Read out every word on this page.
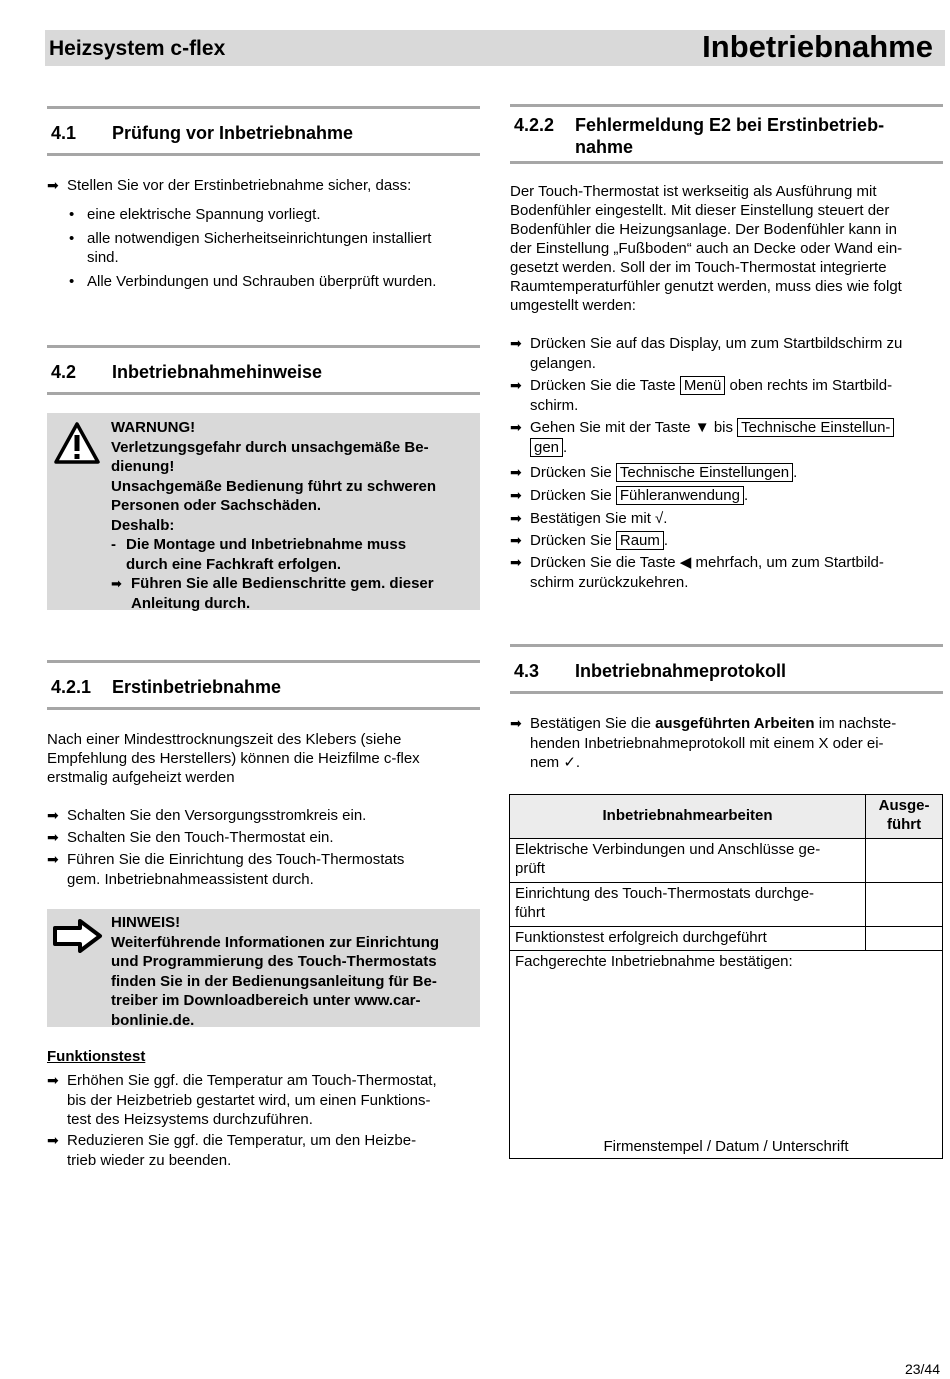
Heizsystem c-flex	Inbetriebnahme
4.1 Prüfung vor Inbetriebnahme
➡ Stellen Sie vor der Erstinbetriebnahme sicher, dass:
• eine elektrische Spannung vorliegt.
• alle notwendigen Sicherheitseinrichtungen installiert
sind.
• Alle Verbindungen und Schrauben überprüft wurden.
4.2 Inbetriebnahmehinweise
WARNUNG!
Verletzungsgefahr durch unsachgemäße Be-
dienung!
Unsachgemäße Bedienung führt zu schweren
Personen oder Sachschäden.
Deshalb:
- Die Montage und Inbetriebnahme muss
durch eine Fachkraft erfolgen.
➡ Führen Sie alle Bedienschritte gem. dieser
Anleitung durch.
4.2.1 Erstinbetriebnahme
Nach einer Mindesttrocknungszeit des Klebers (siehe
Empfehlung des Herstellers) können die Heizfilme c-flex
erstmalig aufgeheizt werden
➡ Schalten Sie den Versorgungsstromkreis ein.
➡ Schalten Sie den Touch-Thermostat ein.
➡ Führen Sie die Einrichtung des Touch-Thermostats
gem. Inbetriebnahmeassistent durch.
HINWEIS!
Weiterführende Informationen zur Einrichtung
und Programmierung des Touch-Thermostats
finden Sie in der Bedienungsanleitung für Be-
treiber im Downloadbereich unter www.car-
bonlinie.de.
Funktionstest
➡ Erhöhen Sie ggf. die Temperatur am Touch-Thermostat,
bis der Heizbetrieb gestartet wird, um einen Funktions-
test des Heizsystems durchzuführen.
➡ Reduzieren Sie ggf. die Temperatur, um den Heizbe-
trieb wieder zu beenden.
4.2.2 Fehlermeldung E2 bei Erstinbetrieb-
nahme
Der Touch-Thermostat ist werkseitig als Ausführung mit
Bodenfühler eingestellt. Mit dieser Einstellung steuert der
Bodenfühler die Heizungsanlage. Der Bodenfühler kann in
der Einstellung „Fußboden“ auch an Decke oder Wand ein-
gesetzt werden. Soll der im Touch-Thermostat integrierte
Raumtemperaturfühler genutzt werden, muss dies wie folgt
umgestellt werden:
➡ Drücken Sie auf das Display, um zum Startbildschirm zu
gelangen.
➡ Drücken Sie die Taste Menü oben rechts im Startbild-
schirm.
➡ Gehen Sie mit der Taste ▼ bis Technische Einstellun-
gen .
➡ Drücken Sie Technische Einstellungen .
➡ Drücken Sie Fühleranwendung .
➡ Bestätigen Sie mit √.
➡ Drücken Sie Raum .
➡ Drücken Sie die Taste ◀ mehrfach, um zum Startbild-
schirm zurückzukehren.
4.3 Inbetriebnahmeprotokoll
➡ Bestätigen Sie die ausgeführten Arbeiten im nachste-
henden Inbetriebnahmeprotokoll mit einem X oder ei-
nem ✓.
Inbetriebnahmearbeiten	Ausge-
führt

Elektrische Verbindungen und Anschlüsse ge-
prüft	

Einrichtung des Touch-Thermostats durchge-
führt	

Funktionstest erfolgreich durchgeführt	

Fachgerechte Inbetriebnahme bestätigen:
Firmenstempel / Datum / Unterschrift	
23/44
